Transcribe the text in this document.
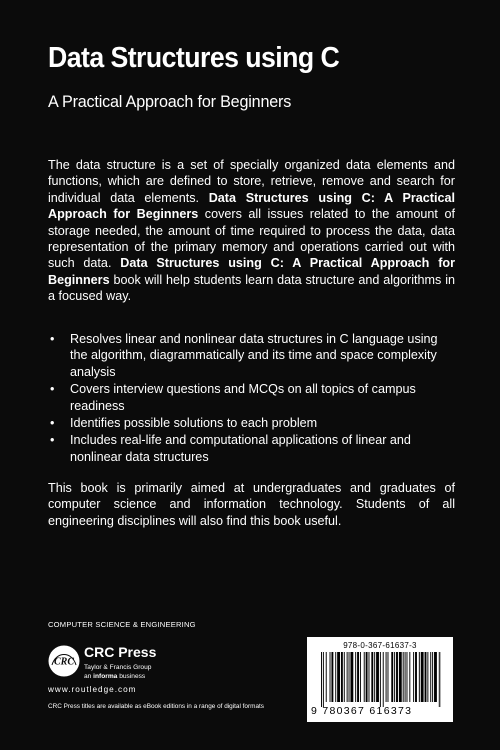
Data Structures using C
A Practical Approach for Beginners

The data structure is a set of specially organized data elements and functions, which are defined to store, retrieve, remove and search for individual data elements. Data Structures using C: A Practical Approach for Beginners covers all issues related to the amount of storage needed, the amount of time required to process the data, data representation of the primary memory and operations carried out with such data. Data Structures using C: A Practical Approach for Beginners book will help students learn data structure and algorithms in a focused way.

• Resolves linear and nonlinear data structures in C language using the algorithm, diagrammatically and its time and space complexity analysis
• Covers interview questions and MCQs on all topics of campus readiness
• Identifies possible solutions to each problem
• Includes real-life and computational applications of linear and nonlinear data structures

This book is primarily aimed at undergraduates and graduates of computer science and information technology. Students of all engineering disciplines will also find this book useful.

COMPUTER SCIENCE & ENGINEERING
CRC
CRC Press
Taylor & Francis Group
an informa business
www.routledge.com
CRC Press titles are available as eBook editions in a range of digital formats
978-0-367-61637-3
9 780367 616373
